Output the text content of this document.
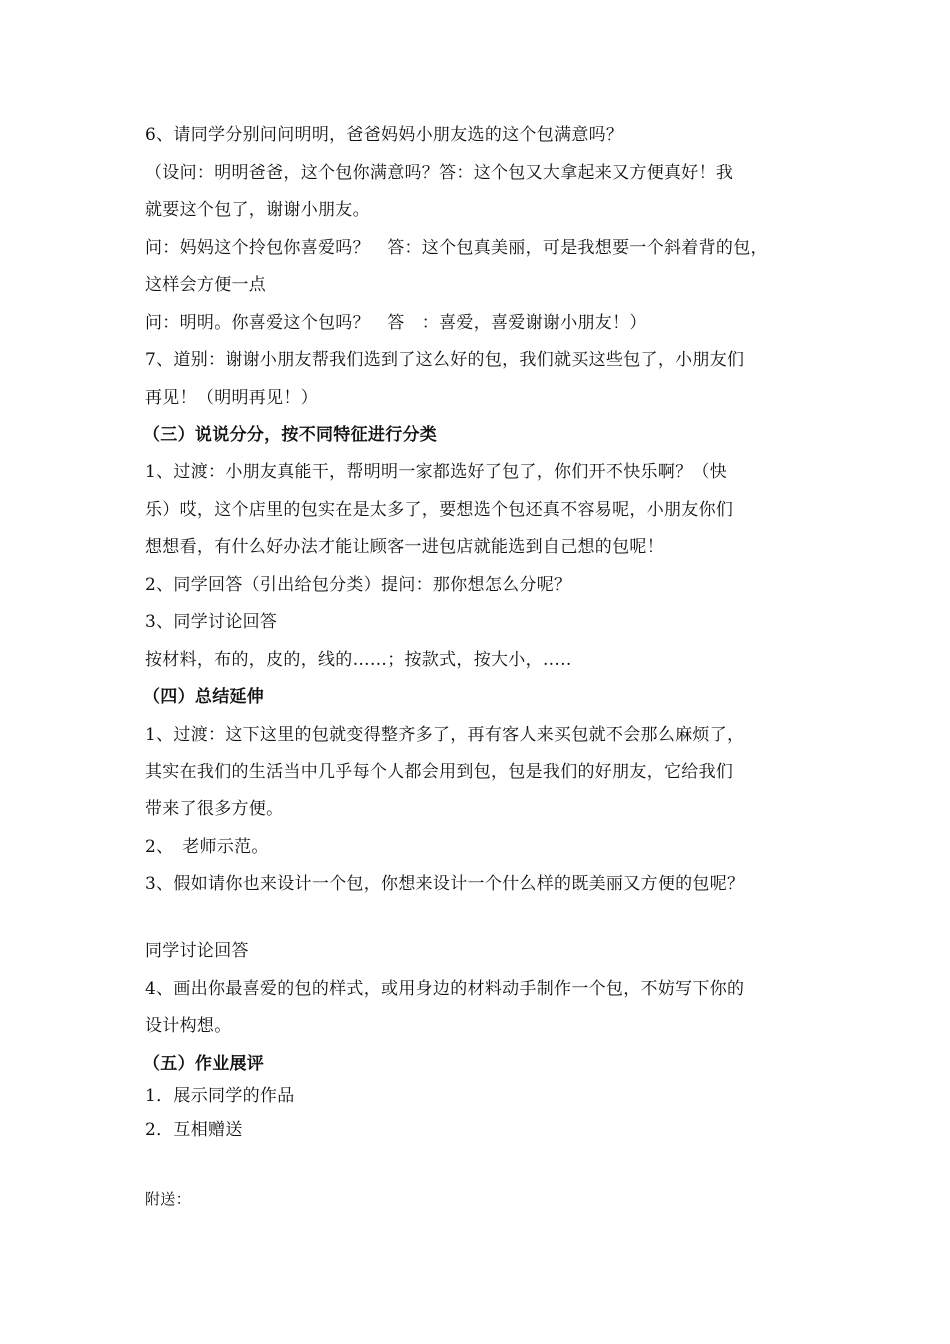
6、请同学分别问问明明，爸爸妈妈小朋友选的这个包满意吗？
（设问：明明爸爸，这个包你满意吗？答：这个包又大拿起来又方便真好！我
就要这个包了，谢谢小朋友。
问：妈妈这个拎包你喜爱吗？　答：这个包真美丽，可是我想要一个斜着背的包，
这样会方便一点
问：明明。你喜爱这个包吗？　答　：喜爱，喜爱谢谢小朋友！）
7、道别：谢谢小朋友帮我们选到了这么好的包，我们就买这些包了，小朋友们
再见！（明明再见！）
（三）说说分分，按不同特征进行分类
1、过渡：小朋友真能干，帮明明一家都选好了包了，你们开不快乐啊？（快
乐）哎，这个店里的包实在是太多了，要想选个包还真不容易呢，小朋友你们
想想看，有什么好办法才能让顾客一进包店就能选到自己想的包呢！
2、同学回答（引出给包分类）提问：那你想怎么分呢？
3、同学讨论回答
按材料，布的，皮的，线的……；按款式，按大小，…..
（四）总结延伸
1、过渡：这下这里的包就变得整齐多了，再有客人来买包就不会那么麻烦了，
其实在我们的生活当中几乎每个人都会用到包，包是我们的好朋友，它给我们
带来了很多方便。
2、　老师示范。
3、假如请你也来设计一个包，你想来设计一个什么样的既美丽又方便的包呢？
同学讨论回答
4、画出你最喜爱的包的样式，或用身边的材料动手制作一个包，不妨写下你的
设计构想。
（五）作业展评
1．展示同学的作品
2．互相赠送
附送：
